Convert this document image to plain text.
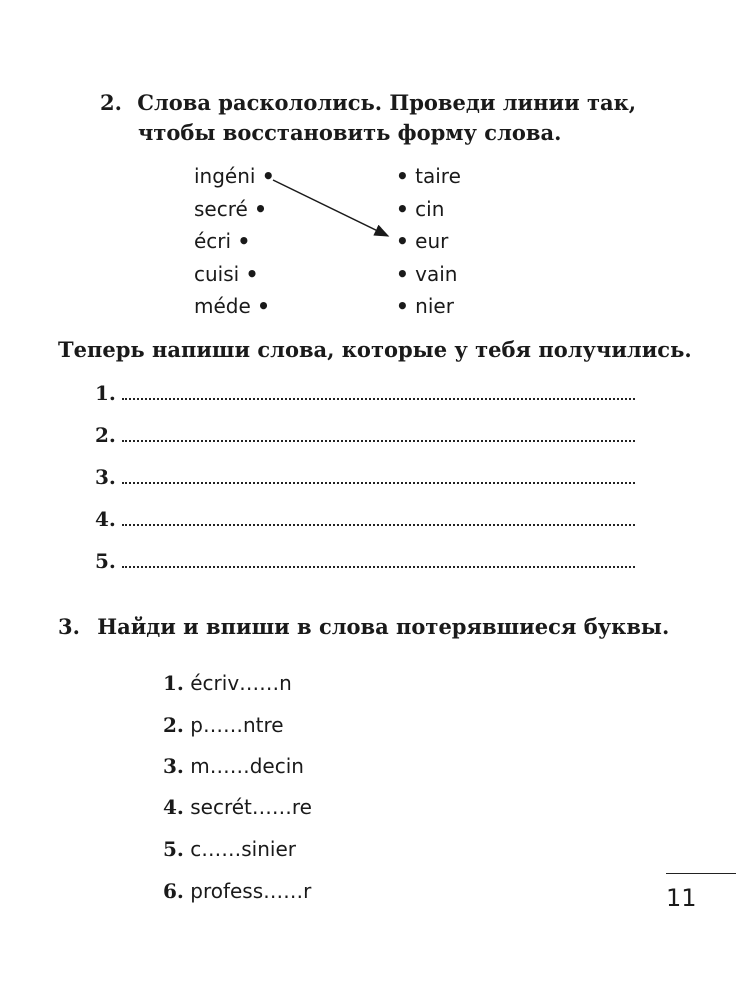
2. Слова раскололись. Проведи линии так,
чтобы восстановить форму слова.
ingéni •
secré •
écri •
cuisi •
méde •
• taire
• cin
• eur
• vain
• nier
Теперь напиши слова, которые у тебя получились.
1.
2.
3.
4.
5.
3. Найди и впиши в слова потерявшиеся буквы.
1. écriv……n
2. p……ntre
3. m……decin
4. secrét……re
5. c……sinier
6. profess……r	11
